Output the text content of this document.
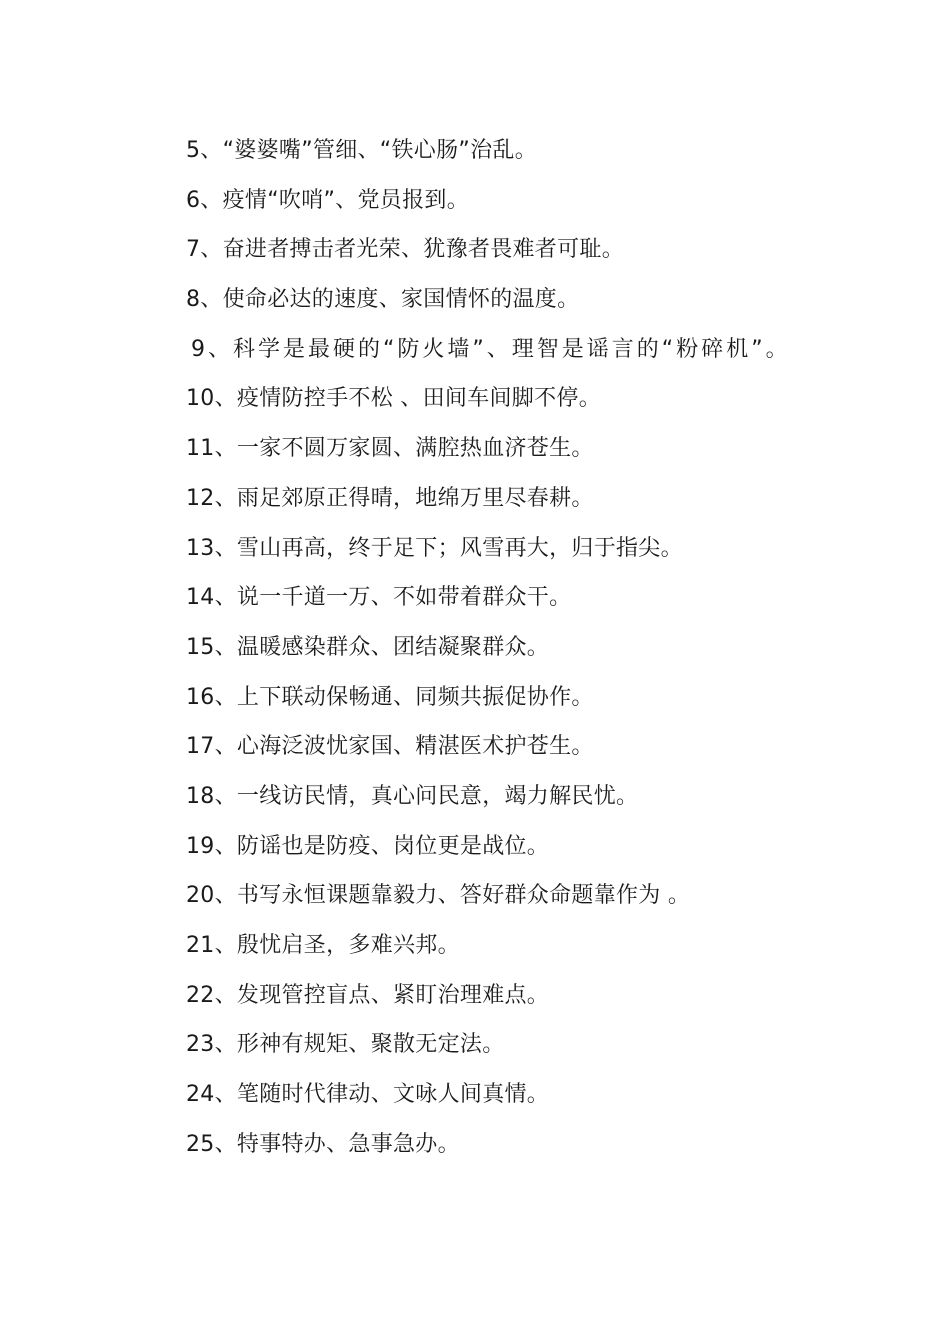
5、“婆婆嘴”管细、“铁心肠”治乱。
6、疫情“吹哨”、党员报到。
7、奋进者搏击者光荣、犹豫者畏难者可耻。
8、使命必达的速度、家国情怀的温度。
9、科学是最硬的“防火墙”、理智是谣言的“粉碎机”。
10、疫情防控手不松 、田间车间脚不停。
11、一家不圆万家圆、满腔热血济苍生。
12、雨足郊原正得晴，地绵万里尽春耕。
13、雪山再高，终于足下；风雪再大，归于指尖。
14、说一千道一万、不如带着群众干。
15、温暖感染群众、团结凝聚群众。
16、上下联动保畅通、同频共振促协作。
17、心海泛波忧家国、精湛医术护苍生。
18、一线访民情，真心问民意，竭力解民忧。
19、防谣也是防疫、岗位更是战位。
20、书写永恒课题靠毅力、答好群众命题靠作为 。
21、殷忧启圣，多难兴邦。
22、发现管控盲点、紧盯治理难点。
23、形神有规矩、聚散无定法。
24、笔随时代律动、文咏人间真情。
25、特事特办、急事急办。
